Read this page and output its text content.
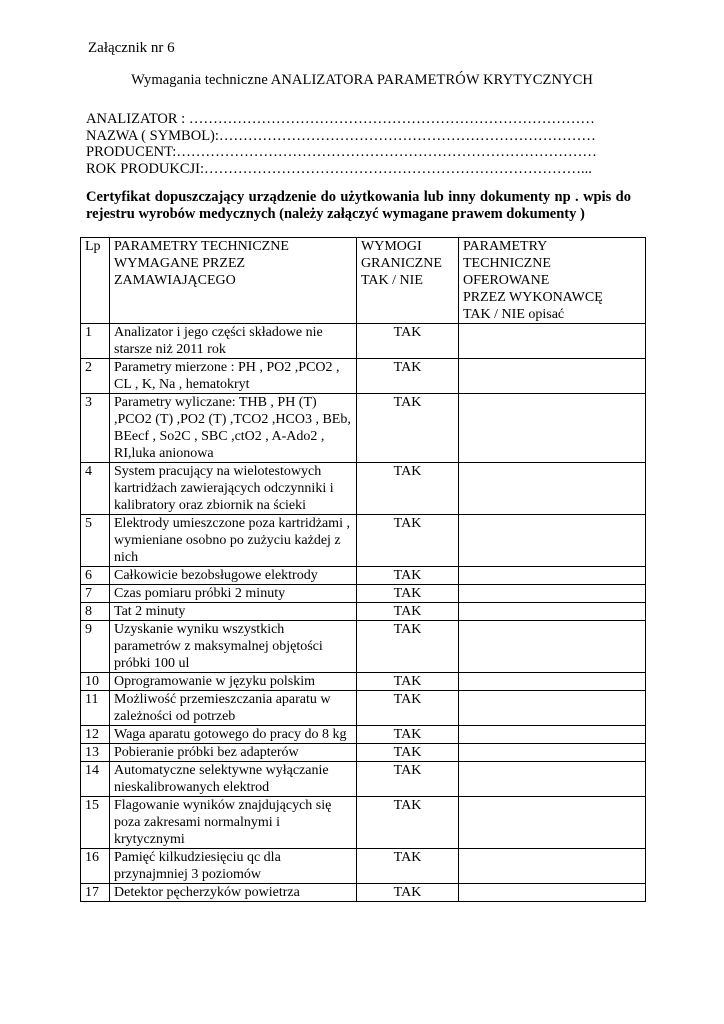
Załącznik nr 6
Wymagania techniczne ANALIZATORA PARAMETRÓW KRYTYCZNYCH
ANALIZATOR : …………………………………………………………………………
NAZWA ( SYMBOL):……………………………………………………………………
PRODUCENT:……………………………………………………………………………
ROK PRODUKCJI:……………………………………………………………………...
Certyfikat dopuszczający urządzenie do użytkowania lub inny dokumenty np . wpis do rejestru wyrobów medycznych (należy załączyć wymagane prawem dokumenty )
Lp	PARAMETRY TECHNICZNE WYMAGANE PRZEZ ZAMAWIAJĄCEGO	WYMOGI GRANICZNE TAK / NIE	PARAMETRY
TECHNICZNE
OFEROWANE
PRZEZ WYKONAWCĘ
TAK / NIE opisać

1	Analizator i jego części składowe nie starsze niż 2011 rok	TAK	
2	Parametry mierzone : PH , PO2 ,PCO2 , CL , K, Na , hematokryt	TAK	
3	Parametry wyliczane: THB , PH (T) ,PCO2 (T) ,PO2 (T) ,TCO2 ,HCO3 , BEb, BEecf , So2C , SBC ,ctO2 , A-Ado2 , RI,luka anionowa	TAK	
4	System pracujący na wielotestowych kartridżach zawierających odczynniki i kalibratory oraz zbiornik na ścieki	TAK	
5	Elektrody umieszczone poza kartridżami , wymieniane osobno po zużyciu każdej z nich	TAK	
6	Całkowicie bezobsługowe elektrody	TAK	
7	Czas pomiaru próbki 2 minuty	TAK	
8	Tat 2 minuty	TAK	
9	Uzyskanie wyniku wszystkich parametrów z maksymalnej objętości próbki 100 ul	TAK	
10	Oprogramowanie w języku polskim	TAK	
11	Możliwość przemieszczania aparatu w zależności od potrzeb	TAK	
12	Waga aparatu gotowego do pracy do 8 kg	TAK	
13	Pobieranie próbki bez adapterów	TAK	
14	Automatyczne selektywne wyłączanie nieskalibrowanych elektrod	TAK	
15	Flagowanie wyników znajdujących się poza zakresami normalnymi i krytycznymi	TAK	
16	Pamięć kilkudziesięciu qc dla przynajmniej 3 poziomów	TAK	
17	Detektor pęcherzyków powietrza	TAK	
